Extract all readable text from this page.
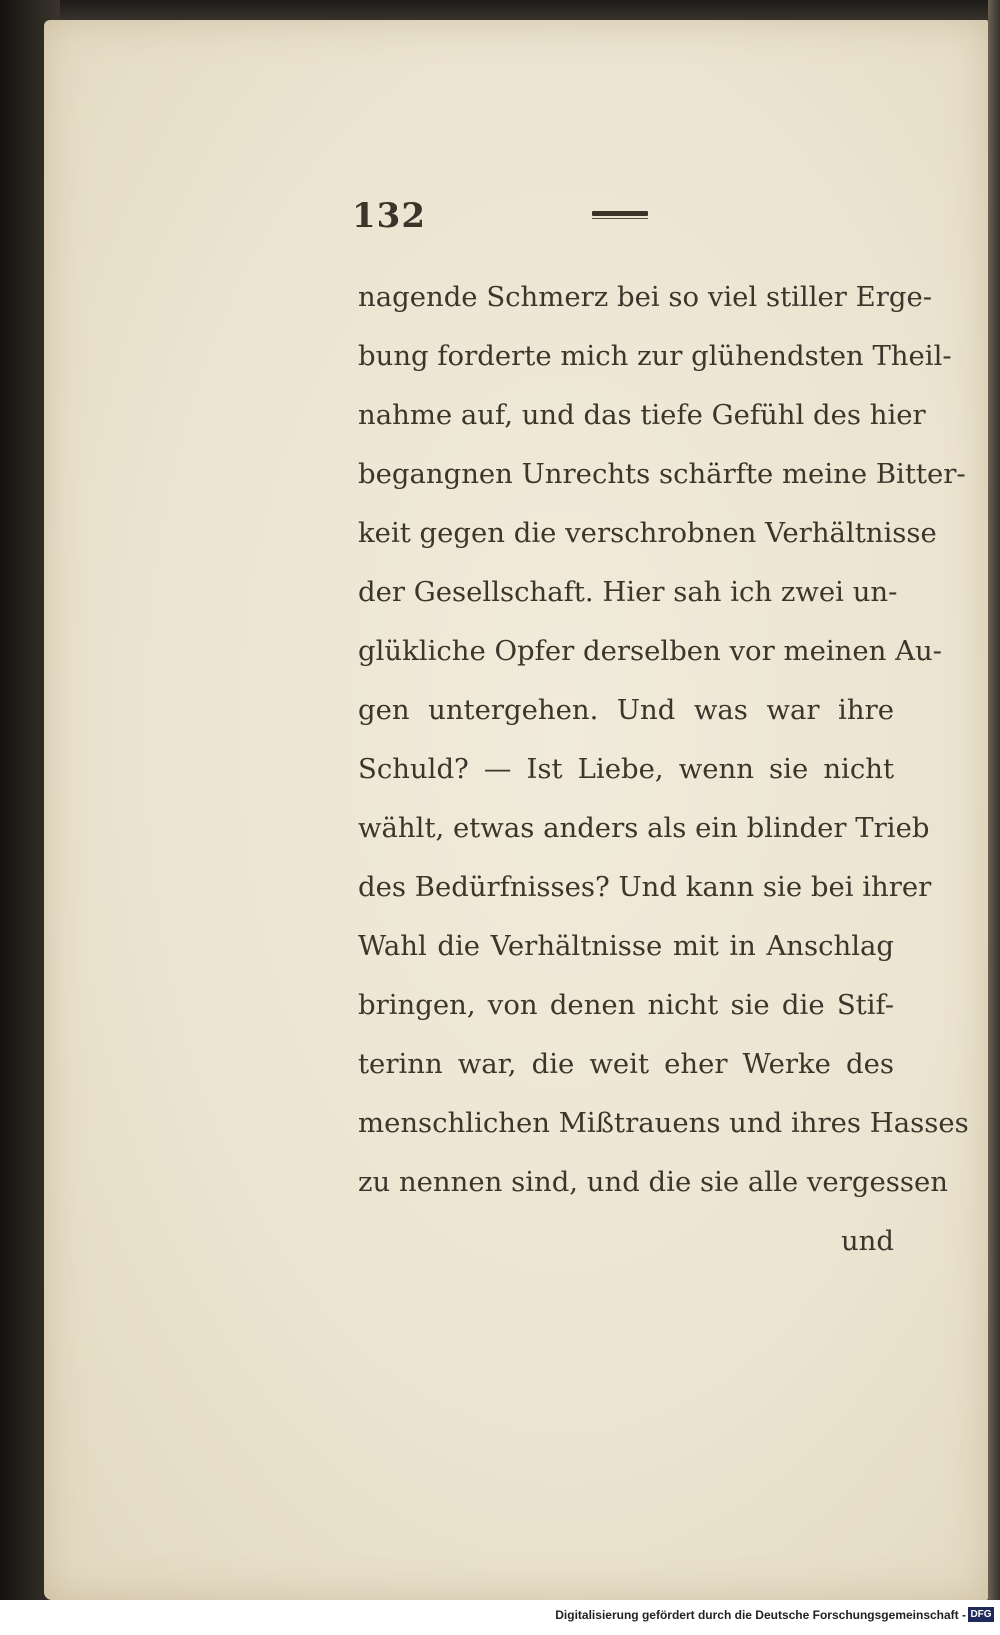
132
nagende Schmerz bei so viel stiller Erge-
bung forderte mich zur glühendsten Theil-
nahme auf, und das tiefe Gefühl des hier
begangnen Unrechts schärfte meine Bitter-
keit gegen die verschrobnen Verhältnisse
der Gesellschaft. Hier sah ich zwei un-
glükliche Opfer derselben vor meinen Au-
gen untergehen. Und was war ihre
Schuld? — Ist Liebe, wenn sie nicht
wählt, etwas anders als ein blinder Trieb
des Bedürfnisses? Und kann sie bei ihrer
Wahl die Verhältnisse mit in Anschlag
bringen, von denen nicht sie die Stif-
terinn war, die weit eher Werke des
menschlichen Mißtrauens und ihres Hasses
zu nennen sind, und die sie alle vergessen
und
Digitalisierung gefördert durch die Deutsche Forschungsgemeinschaft - DFG
